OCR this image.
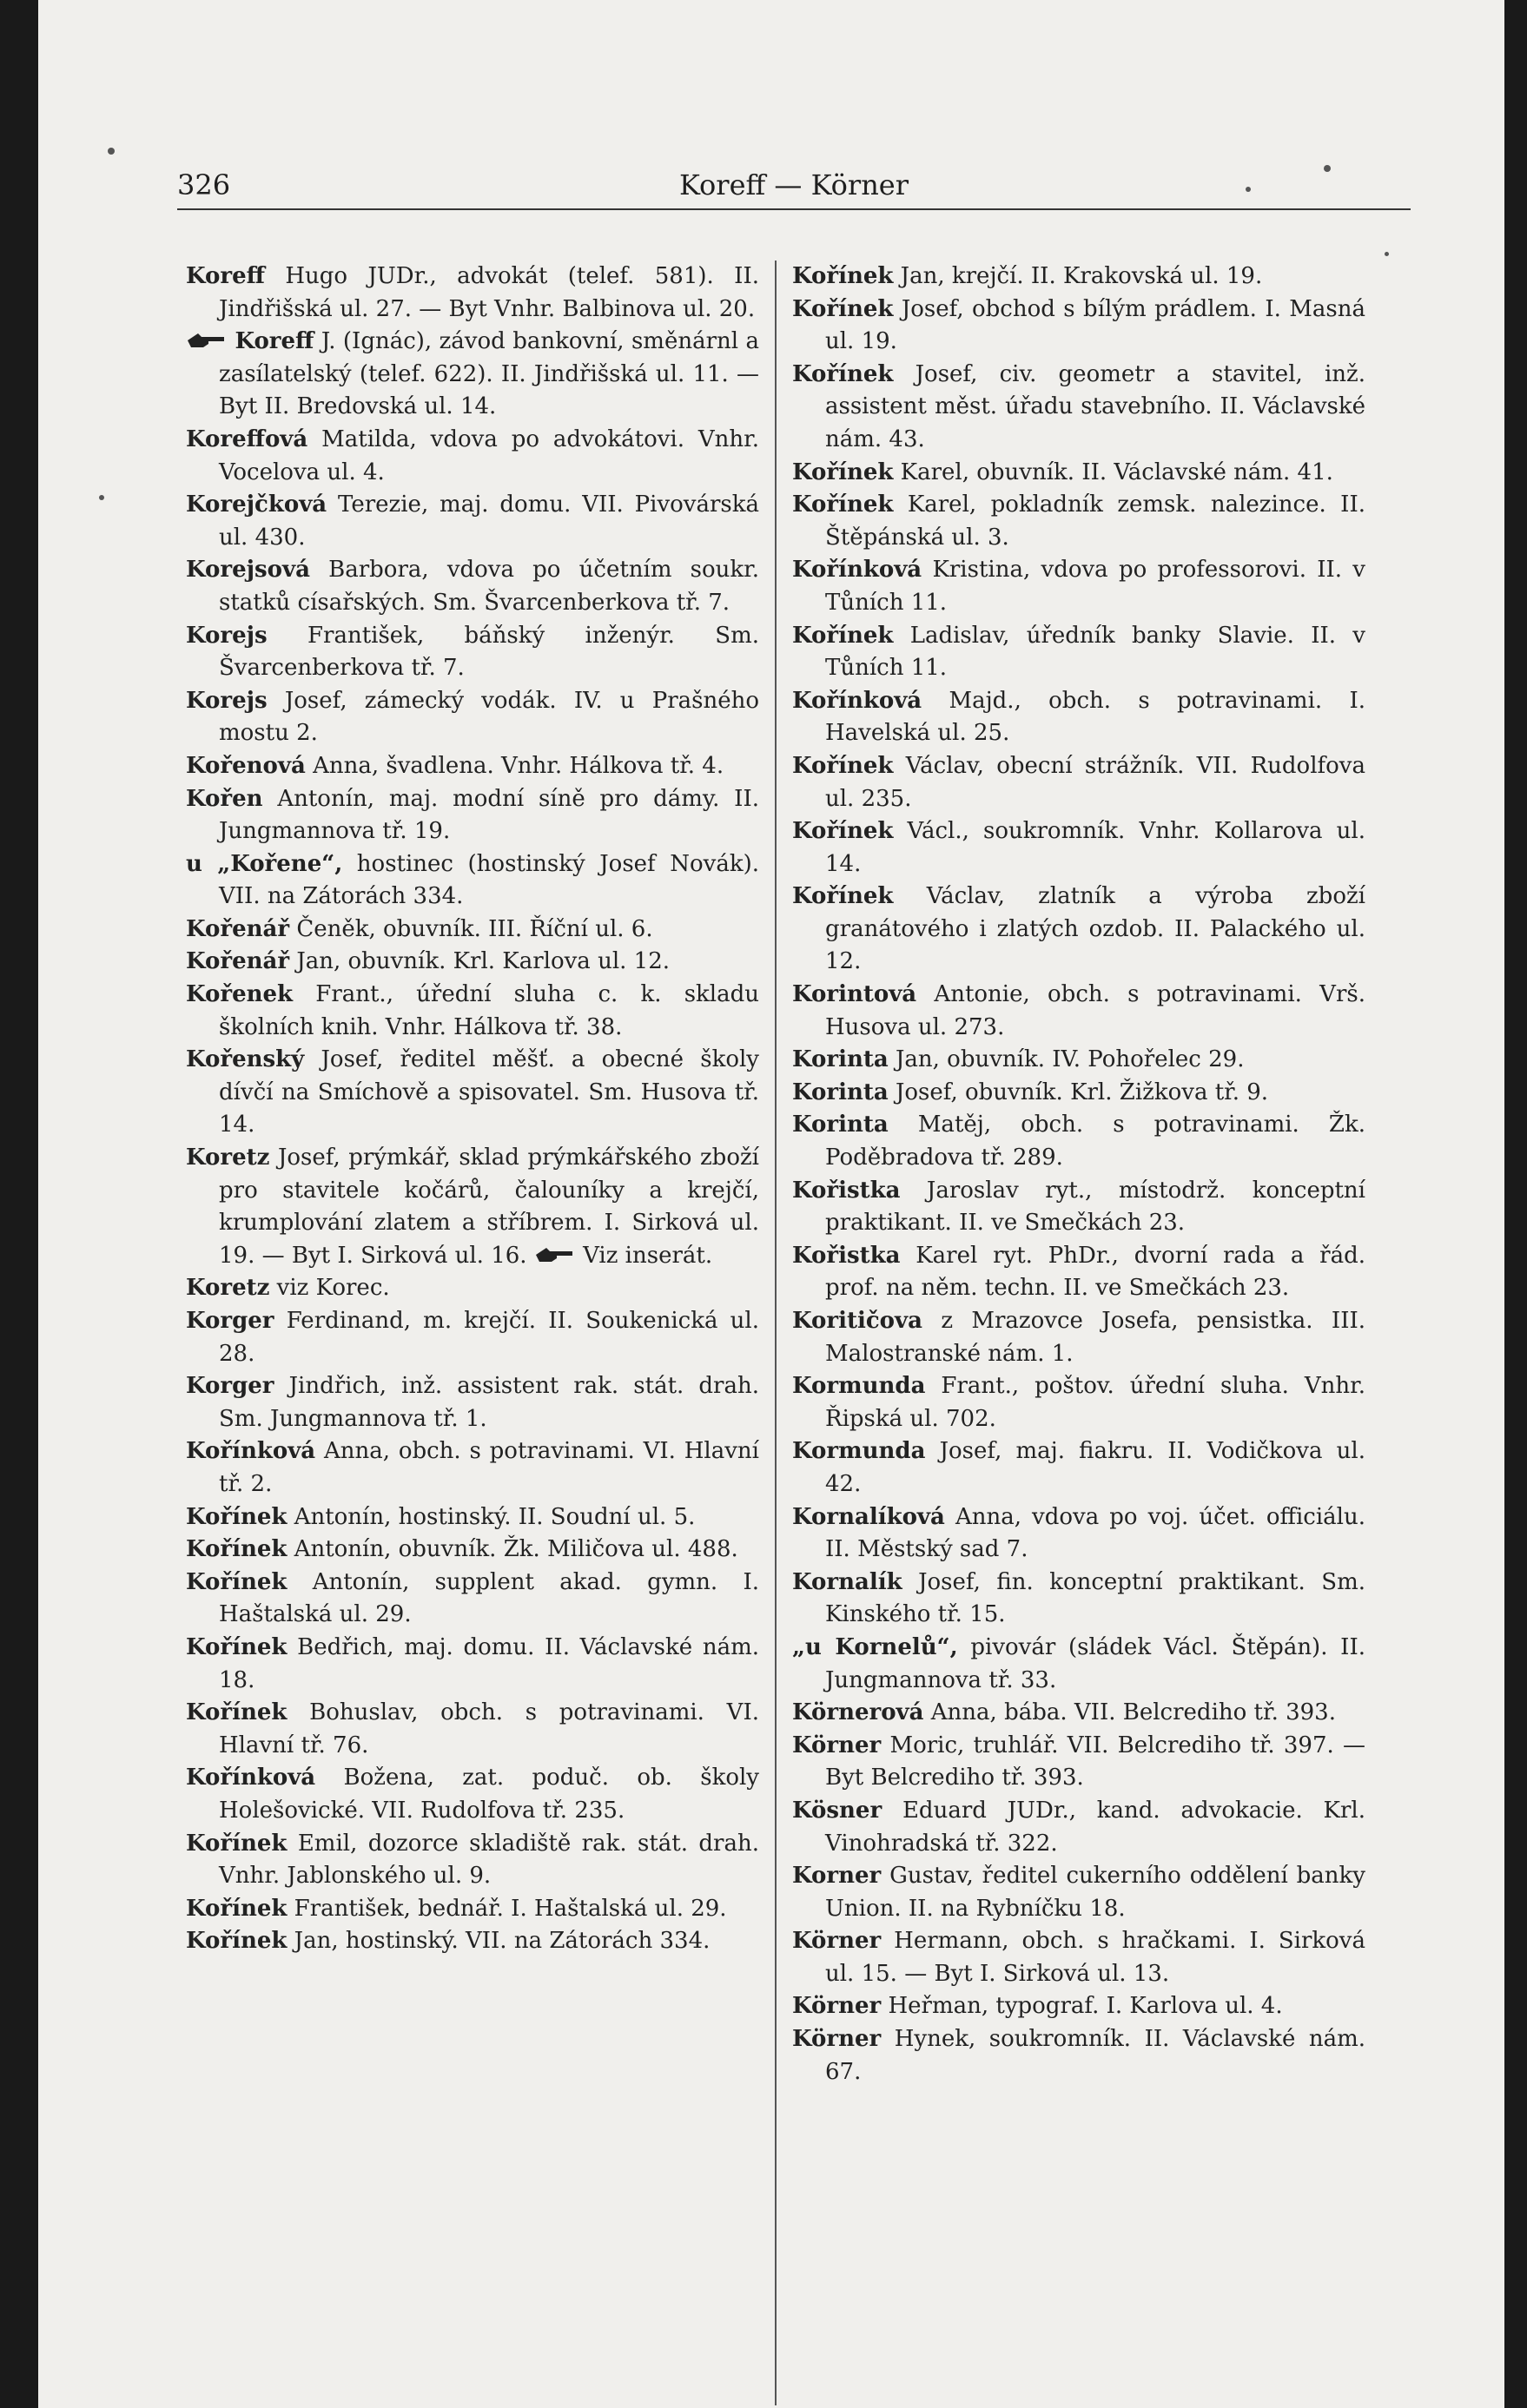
326	Koreff — Körner
Koreff Hugo JUDr., advokát (telef. 581). II. Jindřišská ul. 27. — Byt Vnhr. Balbinova ul. 20.
Koreff J. (Ignác), závod bankovní, směnárnl a zasílatelský (telef. 622). II. Jindřišská ul. 11. — Byt II. Bredovská ul. 14.
Koreffová Matilda, vdova po advokátovi. Vnhr. Vocelova ul. 4.
Korejčková Terezie, maj. domu. VII. Pivovárská ul. 430.
Korejsová Barbora, vdova po účetním soukr. statků císařských. Sm. Švarcenberkova tř. 7.
Korejs František, báňský inženýr. Sm. Švarcenberkova tř. 7.
Korejs Josef, zámecký vodák. IV. u Prašného mostu 2.
Kořenová Anna, švadlena. Vnhr. Hálkova tř. 4.
Kořen Antonín, maj. modní síně pro dámy. II. Jungmannova tř. 19.
u „Kořene“, hostinec (hostinský Josef Novák). VII. na Zátorách 334.
Kořenář Čeněk, obuvník. III. Říční ul. 6.
Kořenář Jan, obuvník. Krl. Karlova ul. 12.
Kořenek Frant., úřední sluha c. k. skladu školních knih. Vnhr. Hálkova tř. 38.
Kořenský Josef, ředitel měšť. a obecné školy dívčí na Smíchově a spisovatel. Sm. Husova tř. 14.
Koretz Josef, prýmkář, sklad prýmkářského zboží pro stavitele kočárů, čalouníky a krejčí, krumplování zlatem a stříbrem. I. Sirková ul. 19. — Byt I. Sirková ul. 16.  Viz inserát.
Koretz viz Korec.
Korger Ferdinand, m. krejčí. II. Soukenická ul. 28.
Korger Jindřich, inž. assistent rak. stát. drah. Sm. Jungmannova tř. 1.
Kořínková Anna, obch. s potravinami. VI. Hlavní tř. 2.
Kořínek Antonín, hostinský. II. Soudní ul. 5.
Kořínek Antonín, obuvník. Žk. Miličova ul. 488.
Kořínek Antonín, supplent akad. gymn. I. Haštalská ul. 29.
Kořínek Bedřich, maj. domu. II. Václavské nám. 18.
Kořínek Bohuslav, obch. s potravinami. VI. Hlavní tř. 76.
Kořínková Božena, zat. poduč. ob. školy Holešovické. VII. Rudolfova tř. 235.
Kořínek Emil, dozorce skladiště rak. stát. drah. Vnhr. Jablonského ul. 9.
Kořínek František, bednář. I. Haštalská ul. 29.
Kořínek Jan, hostinský. VII. na Zátorách 334.
Kořínek Jan, krejčí. II. Krakovská ul. 19.
Kořínek Josef, obchod s bílým prádlem. I. Masná ul. 19.
Kořínek Josef, civ. geometr a stavitel, inž. assistent měst. úřadu stavebního. II. Václavské nám. 43.
Kořínek Karel, obuvník. II. Václavské nám. 41.
Kořínek Karel, pokladník zemsk. nalezince. II. Štěpánská ul. 3.
Kořínková Kristina, vdova po professorovi. II. v Tůních 11.
Kořínek Ladislav, úředník banky Slavie. II. v Tůních 11.
Kořínková Majd., obch. s potravinami. I. Havelská ul. 25.
Kořínek Václav, obecní strážník. VII. Rudolfova ul. 235.
Kořínek Václ., soukromník. Vnhr. Kollarova ul. 14.
Kořínek Václav, zlatník a výroba zboží granátového i zlatých ozdob. II. Palackého ul. 12.
Korintová Antonie, obch. s potravinami. Vrš. Husova ul. 273.
Korinta Jan, obuvník. IV. Pohořelec 29.
Korinta Josef, obuvník. Krl. Žižkova tř. 9.
Korinta Matěj, obch. s potravinami. Žk. Poděbradova tř. 289.
Kořistka Jaroslav ryt., místodrž. konceptní praktikant. II. ve Smečkách 23.
Kořistka Karel ryt. PhDr., dvorní rada a řád. prof. na něm. techn. II. ve Smečkách 23.
Koritičova z Mrazovce Josefa, pensistka. III. Malostranské nám. 1.
Kormunda Frant., poštov. úřední sluha. Vnhr. Řipská ul. 702.
Kormunda Josef, maj. fiakru. II. Vodičkova ul. 42.
Kornalíková Anna, vdova po voj. účet. officiálu. II. Městský sad 7.
Kornalík Josef, fin. konceptní praktikant. Sm. Kinského tř. 15.
„u Kornelů“, pivovár (sládek Václ. Štěpán). II. Jungmannova tř. 33.
Körnerová Anna, bába. VII. Belcrediho tř. 393.
Körner Moric, truhlář. VII. Belcrediho tř. 397. — Byt Belcrediho tř. 393.
Kösner Eduard JUDr., kand. advokacie. Krl. Vinohradská tř. 322.
Korner Gustav, ředitel cukerního oddělení banky Union. II. na Rybníčku 18.
Körner Hermann, obch. s hračkami. I. Sirková ul. 15. — Byt I. Sirková ul. 13.
Körner Heřman, typograf. I. Karlova ul. 4.
Körner Hynek, soukromník. II. Václavské nám. 67.
